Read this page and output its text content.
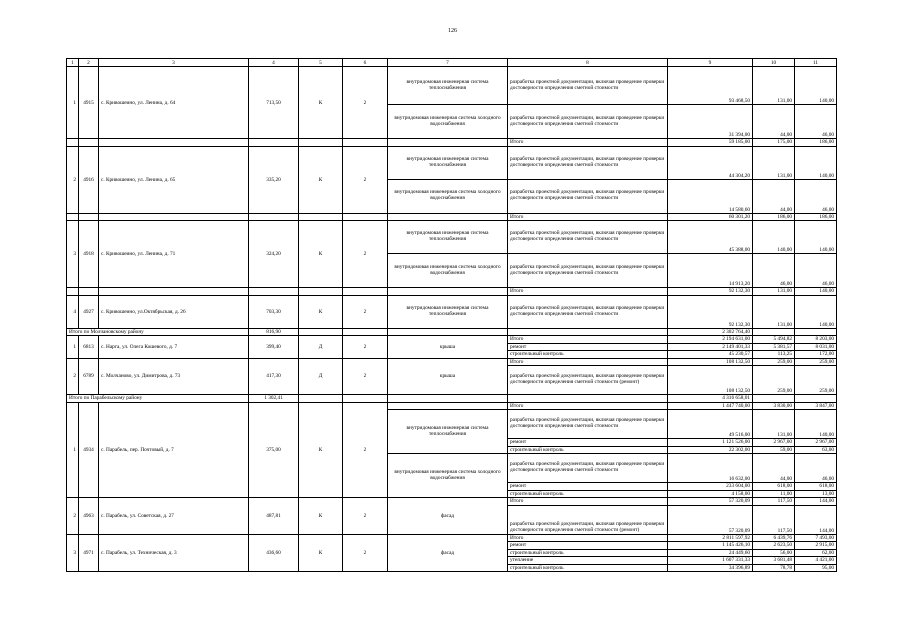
126
1	2	3	4	5	6	7	8	9	10	11
1	4915	с. Кривошеино, ул. Ленина, д. 64	713,50	К	2	внутридомовая инженерная система теплоснабжения	разработка проектной документации, включая проведение проверки достоверности определения сметной стоимости	93 468,50	131,00	140,00
						внутридомовая инженерная система холодного водоснабжения	разработка проектной документации, включая проведение проверки достоверности определения сметной стоимости	31 394,00	44,00	46,00
							Итого	59 185,00	175,00	186,00
2	4916	с. Кривошеино, ул. Ленина, д. 65	335,20	К	2	внутридомовая инженерная система теплоснабжения	разработка проектной документации, включая проведение проверки достоверности определения сметной стоимости	44 304,20	131,00	140,00
						внутридомовая инженерная система холодного водоснабжения	разработка проектной документации, включая проведение проверки достоверности определения сметной стоимости	14 580,60	44,00	46,00
							Итого	60 301,20	186,00	186,00
3	4918	с. Кривошеино, ул. Ленина, д. 71	324,20	К	2	внутридомовая инженерная система теплоснабжения	разработка проектной документации, включая проведение проверки достоверности определения сметной стоимости	45 388,00	140,00	140,00
						внутридомовая инженерная система холодного водоснабжения	разработка проектной документации, включая проведение проверки достоверности определения сметной стоимости	14 913,20	46,00	46,00
							Итого	92 132,30	131,00	140,00
4	4927	с. Кривошеино, ул.Октябрьская, д. 26	703,30	К	2	внутридомовая инженерная система теплоснабжения	разработка проектной документации, включая проведение проверки достоверности определения сметной стоимости	92 132,30	131,00	140,00
Итого по Молчановскому району			816,90					2 302 764,40		
1	6813	с. Нарга, ул. Олега Кошевого, д. 7	399,40	Д	2	крыша	Итого	2 194 631,00	5 494,82	8 203,00
							ремонт	2 149 401,33	5 381,57	8 031,00
							строительный контроль	45 230,57	113,25	172,00
2	6789	с. Молчаново, ул. Димитрова, д. 73	417,30	Д	2	крыша	Итого	108 132,50	259,00	259,00
							разработка проектной документации, включая проведение проверки достоверности определения сметной стоимости (ремонт)	108 132,50	259,00	259,00
Итого по Парабельскому району			1 302,41					4 316 658,01		
1	4934	с. Парабель, пер. Почтовый, д. 7	375,00	К	2		Итого	1 447 740,00	3 830,00	3 847,00
						внутридомовая инженерная система теплоснабжения	разработка проектной документации, включая проведение проверки достоверности определения сметной стоимости	49 516,00	131,00	140,00
							ремонт	1 121 526,00	2 967,00	2 967,00
							строительный контроль	22 302,00	59,00	63,00
						внутридомовая инженерная система холодного водоснабжения	разработка проектной документации, включая проведение проверки достоверности определения сметной стоимости	16 632,00	44,00	46,00
							ремонт	233 604,00	618,00	618,00
							строительный контроль	4 158,00	11,00	13,00
2	4963	с. Парабель, ул. Советская, д. 27	487,81	К	2	фасад	Итого	57 320,09	117,50	144,00
							разработка проектной документации, включая проведение проверки достоверности определения сметной стоимости (ремонт)	57 320,09	117,50	144,00
3	4971	с. Парабель, ул. Техническая, д. 3	436,60	К	2	фасад	Итого	2 811 597,92	6 439,76	7 493,00
							ремонт	1 145 426,10	2 623,50	2 915,00
							строительный контроль	24 449,60	56,00	62,00
							утепление	1 607 331,33	3 681,48	4 421,00
							строительный контроль	34 396,89	78,78	95,00
